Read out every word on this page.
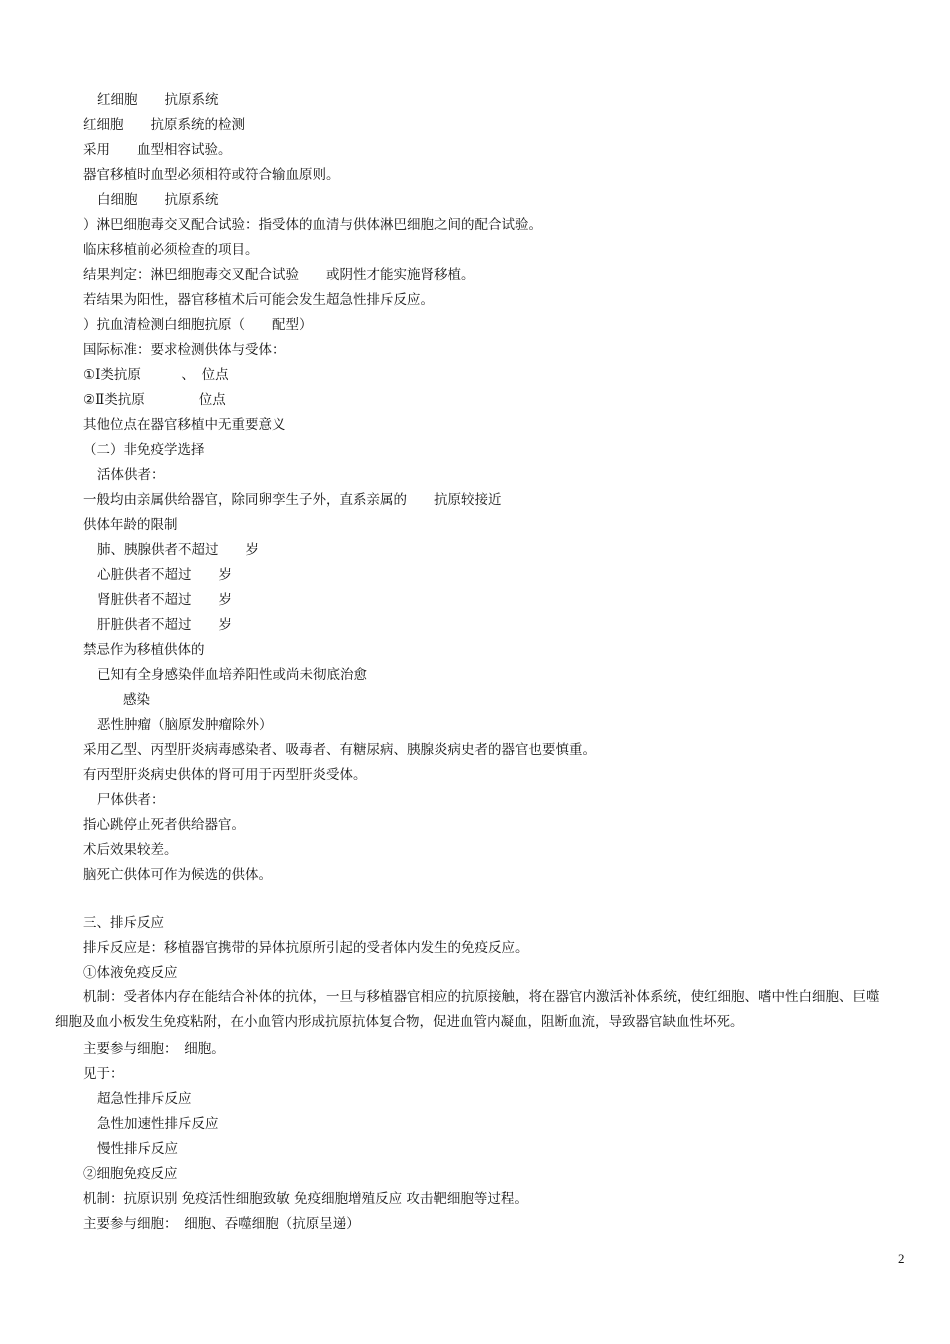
红细胞　　抗原系统
红细胞　　抗原系统的检测
采用　　血型相容试验。
器官移植时血型必须相符或符合输血原则。
白细胞　　抗原系统
）淋巴细胞毒交叉配合试验：指受体的血清与供体淋巴细胞之间的配合试验。
临床移植前必须检查的项目。
结果判定：淋巴细胞毒交叉配合试验　　或阴性才能实施肾移植。
若结果为阳性，器官移植术后可能会发生超急性排斥反应。
）抗血清检测白细胞抗原（　　配型）
国际标准：要求检测供体与受体：
①Ⅰ类抗原　　　、　位点
②Ⅱ类抗原　　　　位点
其他位点在器官移植中无重要意义
（二）非免疫学选择
活体供者：
一般均由亲属供给器官，除同卵孪生子外，直系亲属的　　抗原较接近
供体年龄的限制
肺、胰腺供者不超过　　岁
心脏供者不超过　　岁
肾脏供者不超过　　岁
肝脏供者不超过　　岁
禁忌作为移植供体的
已知有全身感染伴血培养阳性或尚未彻底治愈
感染
恶性肿瘤（脑原发肿瘤除外）
采用乙型、丙型肝炎病毒感染者、吸毒者、有糖尿病、胰腺炎病史者的器官也要慎重。
有丙型肝炎病史供体的肾可用于丙型肝炎受体。
尸体供者：
指心跳停止死者供给器官。
术后效果较差。
脑死亡供体可作为候选的供体。
三、排斥反应
排斥反应是：移植器官携带的异体抗原所引起的受者体内发生的免疫反应。
①体液免疫反应
机制：受者体内存在能结合补体的抗体，一旦与移植器官相应的抗原接触，将在器官内激活补体系统，使红细胞、嗜中性白细胞、巨噬细胞及血小板发生免疫粘附，在小血管内形成抗原抗体复合物，促进血管内凝血，阻断血流，导致器官缺血性坏死。
主要参与细胞：　细胞。
见于：
超急性排斥反应
急性加速性排斥反应
慢性排斥反应
②细胞免疫反应
机制：抗原识别 免疫活性细胞致敏 免疫细胞增殖反应 攻击靶细胞等过程。
主要参与细胞：　细胞、吞噬细胞（抗原呈递）
2
